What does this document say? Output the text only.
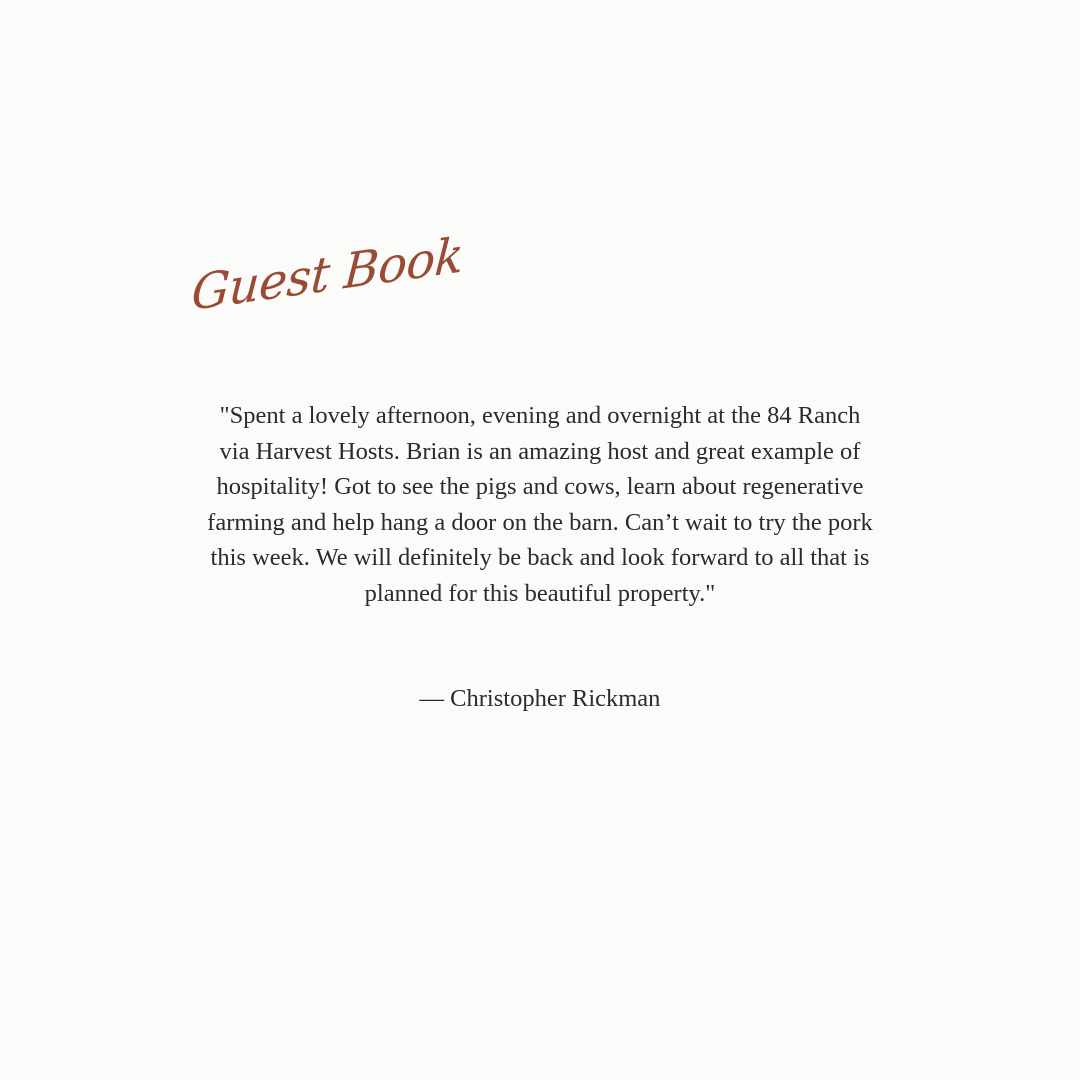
Guest Book

"Spent a lovely afternoon, evening and overnight at the 84 Ranch via Harvest Hosts. Brian is an amazing host and great example of hospitality! Got to see the pigs and cows, learn about regenerative farming and help hang a door on the barn. Can’t wait to try the pork this week. We will definitely be back and look forward to all that is planned for this beautiful property."

— Christopher Rickman
